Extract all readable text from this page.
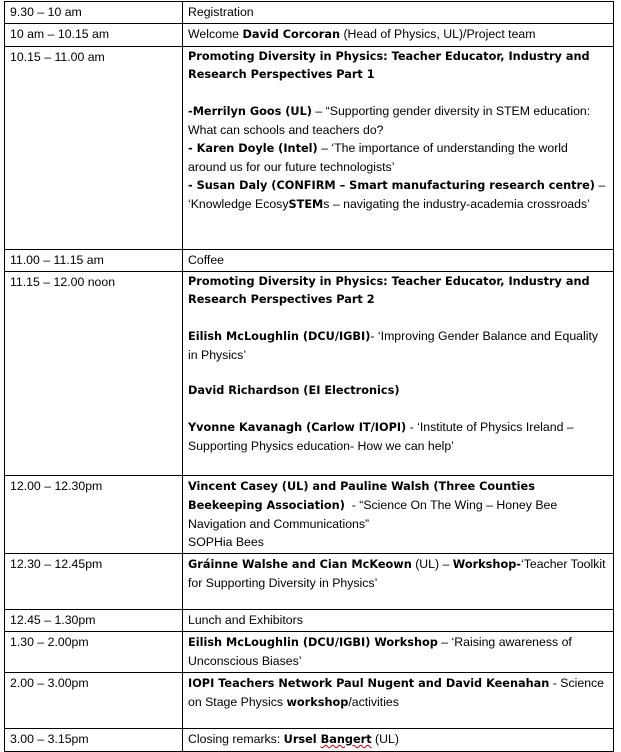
9.30 – 10 am	Registration
10 am – 10.15 am	Welcome David Corcoran (Head of Physics, UL)/Project team
10.15 – 11.00 am	Promoting Diversity in Physics: Teacher Educator, Industry and Research Perspectives Part 1
-Merrilyn Goos (UL) – “Supporting gender diversity in STEM education: What can schools and teachers do?
- Karen Doyle (Intel) – ‘The importance of understanding the world around us for our future technologists’
- Susan Daly (CONFIRM – Smart manufacturing research centre) – ‘Knowledge EcosySTEMs – navigating the industry-academia crossroads’

11.00 – 11.15 am	Coffee
11.15 – 12.00 noon	Promoting Diversity in Physics: Teacher Educator, Industry and Research Perspectives Part 2
Eilish McLoughlin (DCU/IGBI)- ‘Improving Gender Balance and Equality in Physics’
David Richardson (EI Electronics)
Yvonne Kavanagh (Carlow IT/IOPI) - ‘Institute of Physics Ireland – Supporting Physics education- How we can help’

12.00 – 12.30pm	Vincent Casey (UL) and Pauline Walsh (Three Counties Beekeeping Association)  - “Science On The Wing – Honey Bee Navigation and Communications”
SOPHia Bees

12.30 – 12.45pm	Gráinne Walshe and Cian McKeown (UL) – Workshop-‘Teacher Toolkit for Supporting Diversity in Physics’
12.45 – 1.30pm	Lunch and Exhibitors
1.30 – 2.00pm	Eilish McLoughlin (DCU/IGBI) Workshop – ‘Raising awareness of Unconscious Biases’
2.00 – 3.00pm	IOPI Teachers Network Paul Nugent and David Keenahan - Science on Stage Physics workshop/activities
3.00 – 3.15pm	Closing remarks: Ursel Bangert (UL)
